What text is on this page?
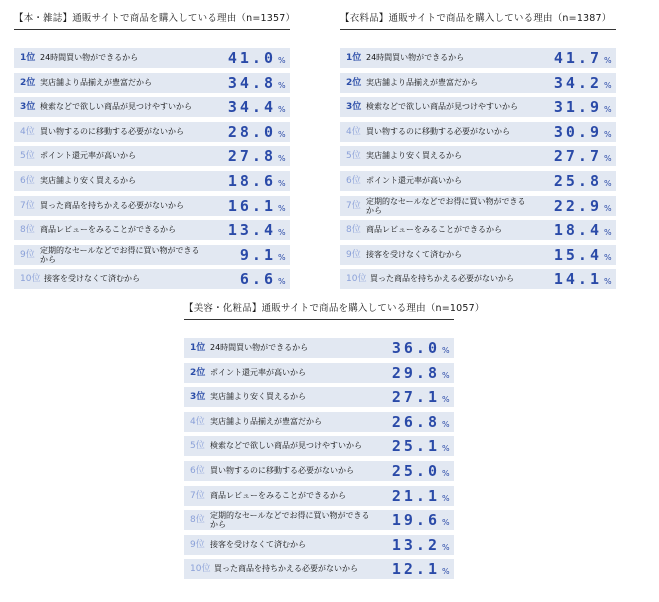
【本・雑誌】通販サイトで商品を購入している理由（n=1357）
1位 24時間買い物ができるから	41.0 %
2位 実店舗より品揃えが豊富だから	34.8 %
3位 検索などで欲しい商品が見つけやすいから	34.4 %
4位 買い物するのに移動する必要がないから	28.0 %
5位 ポイント還元率が高いから	27.8 %
6位 実店舗より安く買えるから	18.6 %
7位 買った商品を持ちかえる必要がないから	16.1 %
8位 商品レビューをみることができるから	13.4 %
9位 定期的なセールなどでお得に買い物ができるから	9.1 %
10位 接客を受けなくて済むから	6.6 %
【衣料品】通販サイトで商品を購入している理由（n=1387）
1位 24時間買い物ができるから	41.7 %
2位 実店舗より品揃えが豊富だから	34.2 %
3位 検索などで欲しい商品が見つけやすいから	31.9 %
4位 買い物するのに移動する必要がないから	30.9 %
5位 実店舗より安く買えるから	27.7 %
6位 ポイント還元率が高いから	25.8 %
7位 定期的なセールなどでお得に買い物ができるから	22.9 %
8位 商品レビューをみることができるから	18.4 %
9位 接客を受けなくて済むから	15.4 %
10位 買った商品を持ちかえる必要がないから	14.1 %
【美容・化粧品】通販サイトで商品を購入している理由（n=1057）
1位 24時間買い物ができるから	36.0 %
2位 ポイント還元率が高いから	29.8 %
3位 実店舗より安く買えるから	27.1 %
4位 実店舗より品揃えが豊富だから	26.8 %
5位 検索などで欲しい商品が見つけやすいから	25.1 %
6位 買い物するのに移動する必要がないから	25.0 %
7位 商品レビューをみることができるから	21.1 %
8位 定期的なセールなどでお得に買い物ができるから	19.6 %
9位 接客を受けなくて済むから	13.2 %
10位 買った商品を持ちかえる必要がないから	12.1 %
